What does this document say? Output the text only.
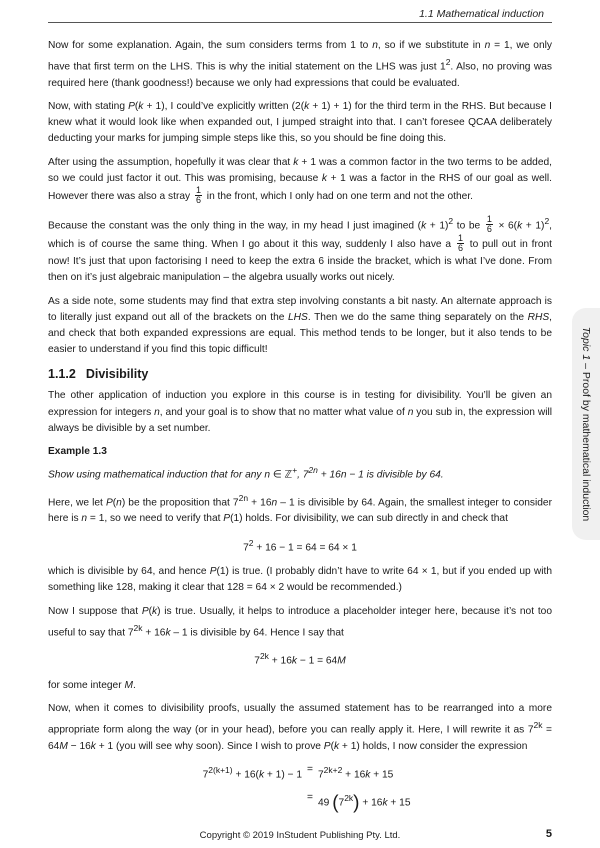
1.1 Mathematical induction

Now for some explanation. Again, the sum considers terms from 1 to n, so if we substitute in n = 1, we only have that first term on the LHS. This is why the initial statement on the LHS was just $1^2$. Also, no proving was required here (thank goodness!) because we only had expressions that could be evaluated.

Now, with stating P(k + 1), I could’ve explicitly written (2(k + 1) + 1) for the third term in the RHS. But because I knew what it would look like when expanded out, I jumped straight into that. I can’t foresee QCAA deliberately deducting your marks for jumping simple steps like this, so you should be fine doing this.

After using the assumption, hopefully it was clear that k + 1 was a common factor in the two terms to be added, so we could just factor it out. This was promising, because k + 1 was a factor in the RHS of our goal as well. However there was also a stray $\frac{1}{6}$ in the front, which I only had on one term and not the other.

Because the constant was the only thing in the way, in my head I just imagined $(k + 1)^2$ to be $\frac{1}{6} \times 6(k + 1)^2$, which is of course the same thing. When I go about it this way, suddenly I also have a $\frac{1}{6}$ to pull out in front now! It’s just that upon factorising I need to keep the extra 6 inside the bracket, which is what I’ve done. From then on it’s just algebraic manipulation – the algebra usually works out nicely.

As a side note, some students may find that extra step involving constants a bit nasty. An alternate approach is to literally just expand out all of the brackets on the LHS. Then we do the same thing separately on the RHS, and check that both expanded expressions are equal. This method tends to be longer, but it also tends to be easier to understand if you find this topic difficult!

1.1.2 Divisibility

The other application of induction you explore in this course is in testing for divisibility. You’ll be given an expression for integers n, and your goal is to show that no matter what value of n you sub in, the expression will always be divisible by a set number.

Example 1.3
Show using mathematical induction that for any n ∈ ℤ+, $7^{2n} + 16n - 1$ is divisible by 64.

Here, we let P(n) be the proposition that $7^{2n} + 16n - 1$ is divisible by 64. Again, the smallest integer to consider here is n = 1, so we need to verify that P(1) holds. For divisibility, we can sub directly in and check that

$7^2 + 16 - 1 = 64 = 64 \times 1$

which is divisible by 64, and hence P(1) is true. (I probably didn’t have to write 64 × 1, but if you ended up with something like 128, making it clear that 128 = 64 × 2 would be recommended.)

Now I suppose that P(k) is true. Usually, it helps to introduce a placeholder integer here, because it’s not too useful to say that $7^{2k} + 16k - 1$ is divisible by 64. Hence I say that

$7^{2k} + 16k - 1 = 64M$

for some integer M.

Now, when it comes to divisibility proofs, usually the assumed statement has to be rearranged into a more appropriate form along the way (or in your head), before you can really apply it. Here, I will rewrite it as $7^{2k} = 64M - 16k + 1$ (you will see why soon). Since I wish to prove P(k + 1) holds, I now consider the expression

$7^{2(k+1)} + 16(k + 1) - 1 = 7^{2k+2} + 16k + 15$
= 49 $(7^{2k}) + 16k + 15$
Topic 1 – Proof by mathematical induction
Copyright © 2019 InStudent Publishing Pty. Ltd.	5
